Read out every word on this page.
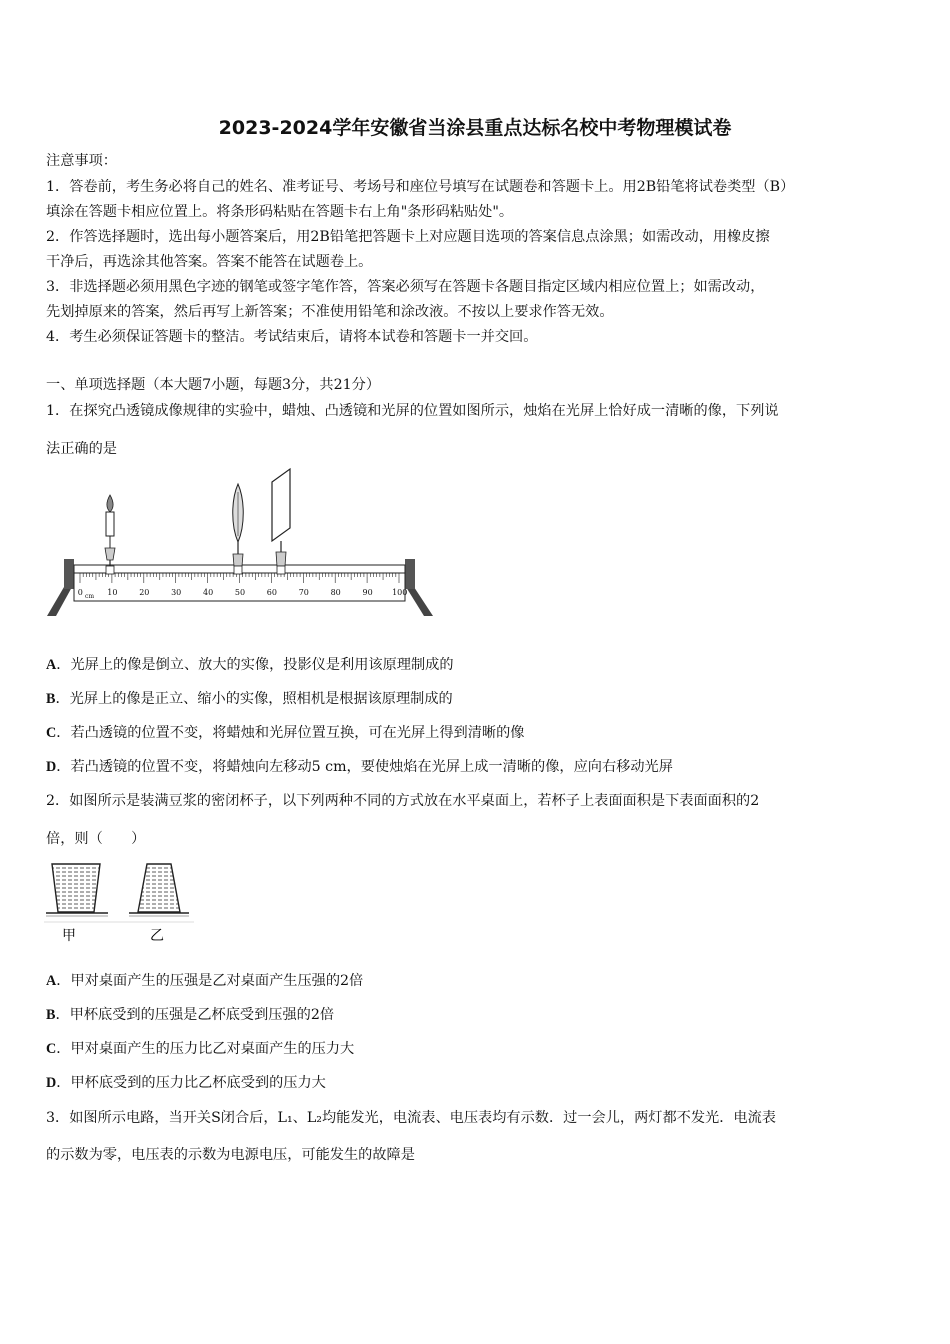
2023-2024学年安徽省当涂县重点达标名校中考物理模试卷
注意事项：
1．答卷前，考生务必将自己的姓名、准考证号、考场号和座位号填写在试题卷和答题卡上。用2B铅笔将试卷类型（B）
填涂在答题卡相应位置上。将条形码粘贴在答题卡右上角"条形码粘贴处"。
2．作答选择题时，选出每小题答案后，用2B铅笔把答题卡上对应题目选项的答案信息点涂黑；如需改动，用橡皮擦
干净后，再选涂其他答案。答案不能答在试题卷上。
3．非选择题必须用黑色字迹的钢笔或签字笔作答，答案必须写在答题卡各题目指定区域内相应位置上；如需改动，
先划掉原来的答案，然后再写上新答案；不准使用铅笔和涂改液。不按以上要求作答无效。
4．考生必须保证答题卡的整洁。考试结束后，请将本试卷和答题卡一并交回。
一、单项选择题（本大题7小题，每题3分，共21分）
1．在探究凸透镜成像规律的实验中，蜡烛、凸透镜和光屏的位置如图所示，烛焰在光屏上恰好成一清晰的像，下列说
法正确的是
0 cm 10	20	30	40	50	60	70	80	90 100
A．光屏上的像是倒立、放大的实像，投影仪是利用该原理制成的
B．光屏上的像是正立、缩小的实像，照相机是根据该原理制成的
C．若凸透镜的位置不变，将蜡烛和光屏位置互换，可在光屏上得到清晰的像
D．若凸透镜的位置不变，将蜡烛向左移动5 cm，要使烛焰在光屏上成一清晰的像，应向右移动光屏
2．如图所示是装满豆浆的密闭杯子，以下列两种不同的方式放在水平桌面上，若杯子上表面面积是下表面面积的2
倍，则（　　）
甲	乙
A．甲对桌面产生的压强是乙对桌面产生压强的2倍
B．甲杯底受到的压强是乙杯底受到压强的2倍
C．甲对桌面产生的压力比乙对桌面产生的压力大
D．甲杯底受到的压力比乙杯底受到的压力大
3．如图所示电路，当开关S闭合后，L₁、L₂均能发光，电流表、电压表均有示数．过一会儿，两灯都不发光．电流表
的示数为零，电压表的示数为电源电压，可能发生的故障是
